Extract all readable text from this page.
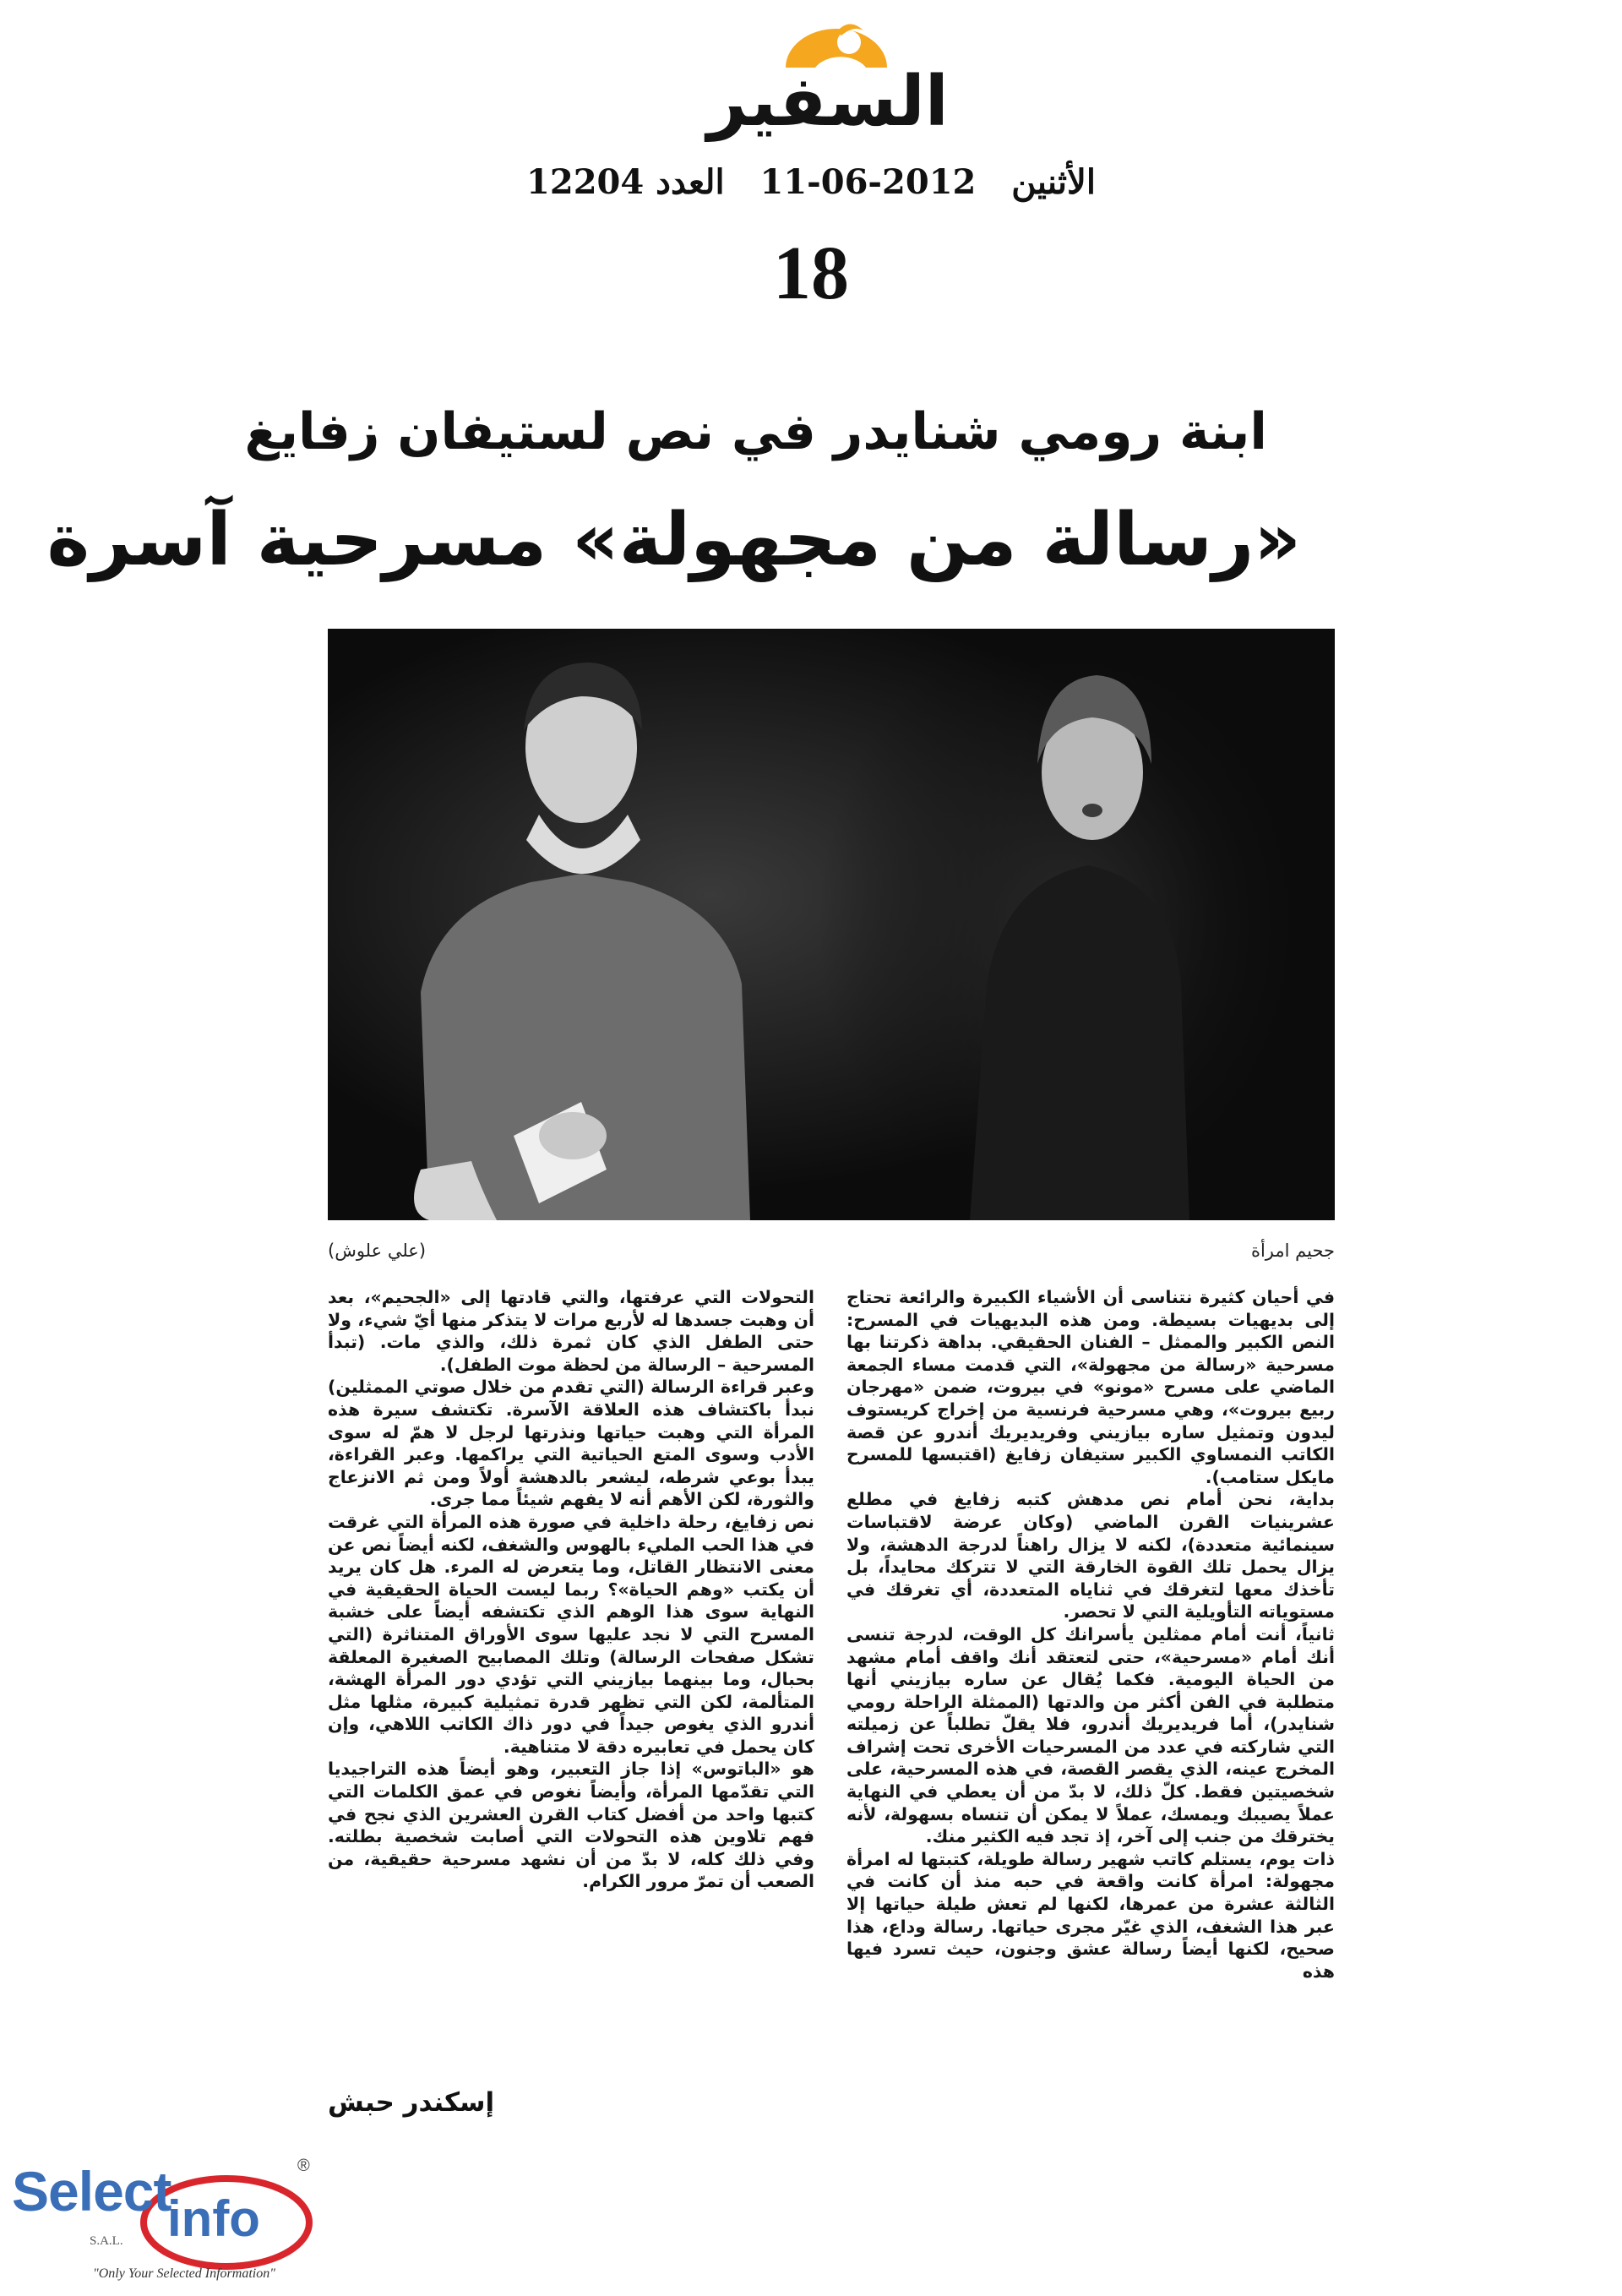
السفير
الأثنين 11-06-2012 العدد 12204
18
ابنة رومي شنايدر في نص لستيفان زفايغ
«رسالة من مجهولة» مسرحية آسرة
جحيم امرأة
(علي علوش)

في أحيان كثيرة نتناسى أن الأشياء الكبيرة والرائعة تحتاج إلى بديهيات بسيطة. ومن هذه البديهيات في المسرح: النص الكبير والممثل – الفنان الحقيقي. بداهة ذكرتنا بها مسرحية «رسالة من مجهولة»، التي قدمت مساء الجمعة الماضي على مسرح «مونو» في بيروت، ضمن «مهرجان ربيع بيروت»، وهي مسرحية فرنسية من إخراج كريستوف ليدون وتمثيل ساره بيازيني وفريديريك أندرو عن قصة الكاتب النمساوي الكبير ستيفان زفايغ (اقتبسها للمسرح مايكل ستامب).

بداية، نحن أمام نص مدهش كتبه زفايغ في مطلع عشرينيات القرن الماضي (وكان عرضة لاقتباسات سينمائية متعددة)، لكنه لا يزال راهناً لدرجة الدهشة، ولا يزال يحمل تلك القوة الخارقة التي لا تتركك محايداً، بل تأخذك معها لتغرقك في ثناياه المتعددة، أي تغرقك في مستوياته التأويلية التي لا تحصر.

ثانياً، أنت أمام ممثلين يأسرانك كل الوقت، لدرجة تنسى أنك أمام «مسرحية»، حتى لتعتقد أنك واقف أمام مشهد من الحياة اليومية. فكما يُقال عن ساره بيازيني أنها متطلبة في الفن أكثر من والدتها (الممثلة الراحلة رومي شنايدر)، أما فريديريك أندرو، فلا يقلّ تطلباً عن زميلته التي شاركته في عدد من المسرحيات الأخرى تحت إشراف المخرج عينه، الذي يقصر القصة، في هذه المسرحية، على شخصيتين فقط. كلّ ذلك، لا بدّ من أن يعطي في النهاية عملاً يصيبك ويمسك، عملاً لا يمكن أن تنساه بسهولة، لأنه يخترقك من جنب إلى آخر، إذ تجد فيه الكثير منك.

ذات يوم، يستلم كاتب شهير رسالة طويلة، كتبتها له امرأة مجهولة: امرأة كانت واقعة في حبه منذ أن كانت في الثالثة عشرة من عمرها، لكنها لم تعش طيلة حياتها إلا عبر هذا الشغف، الذي غيّر مجرى حياتها. رسالة وداع، هذا صحيح، لكنها أيضاً رسالة عشق وجنون، حيث تسرد فيها هذه

التحولات التي عرفتها، والتي قادتها إلى «الجحيم»، بعد أن وهبت جسدها له لأربع مرات لا يتذكر منها أيّ شيء، ولا حتى الطفل الذي كان ثمرة ذلك، والذي مات. (تبدأ المسرحية – الرسالة من لحظة موت الطفل).

وعبر قراءة الرسالة (التي تقدم من خلال صوتي الممثلين) نبدأ باكتشاف هذه العلاقة الآسرة. تكتشف سيرة هذه المرأة التي وهبت حياتها ونذرتها لرجل لا همّ له سوى الأدب وسوى المتع الحياتية التي يراكمها. وعبر القراءة، يبدأ بوعي شرطه، ليشعر بالدهشة أولاً ومن ثم الانزعاج والثورة، لكن الأهم أنه لا يفهم شيئاً مما جرى.

نص زفايغ، رحلة داخلية في صورة هذه المرأة التي غرقت في هذا الحب المليء بالهوس والشغف، لكنه أيضاً نص عن معنى الانتظار القاتل، وما يتعرض له المرء. هل كان يريد أن يكتب «وهم الحياة»؟ ربما ليست الحياة الحقيقية في النهاية سوى هذا الوهم الذي تكتشفه أيضاً على خشبة المسرح التي لا نجد عليها سوى الأوراق المتناثرة (التي تشكل صفحات الرسالة) وتلك المصابيح الصغيرة المعلقة بحبال، وما بينهما بيازيني التي تؤدي دور المرأة الهشة، المتألمة، لكن التي تظهر قدرة تمثيلية كبيرة، مثلها مثل أندرو الذي يغوص جيداً في دور ذاك الكاتب اللاهي، وإن كان يحمل في تعابيره دقة لا متناهية.

هو «الباتوس» إذا جاز التعبير، وهو أيضاً هذه التراجيديا التي تقدّمها المرأة، وأيضاً نغوص في عمق الكلمات التي كتبها واحد من أفضل كتاب القرن العشرين الذي نجح في فهم تلاوين هذه التحولات التي أصابت شخصية بطلته. وفي ذلك كله، لا بدّ من أن نشهد مسرحية حقيقية، من الصعب أن تمرّ مرور الكرام.

إسكندر حبش
Select
info
S.A.L.
"Only Your Selected Information"
®
